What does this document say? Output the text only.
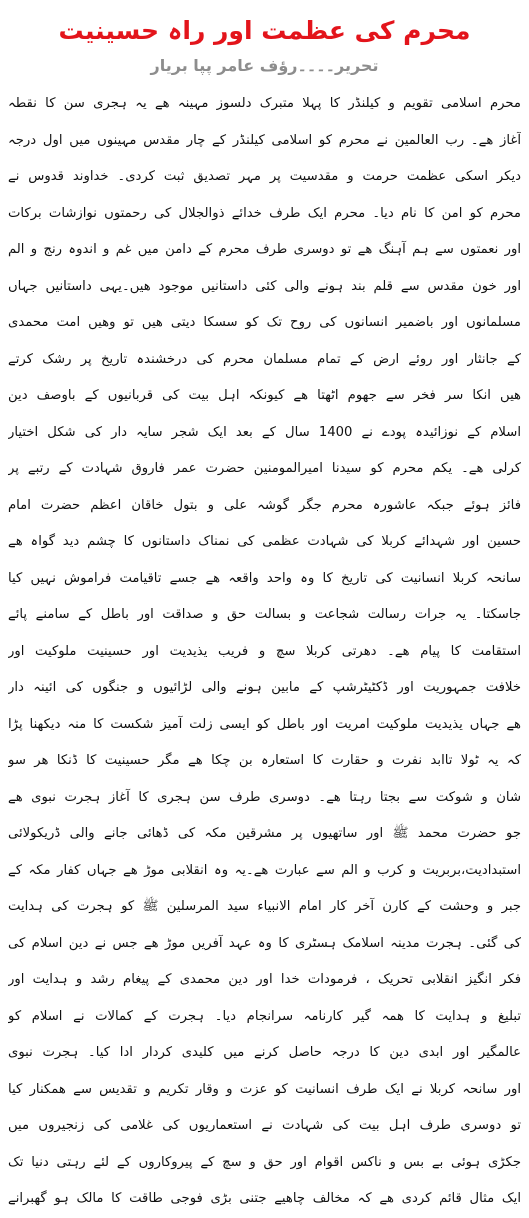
محرم کی عظمت اور راہ حسینیت
تحریر۔۔۔۔رؤف عامر پپا بریار
محرم اسلامی تقویم و کیلنڈر کا پہلا متبرک دلسوز مہینہ ھے یہ ہجری سن کا نقطہ
آغاز ھے۔ رب العالمین نے محرم کو اسلامی کیلنڈر کے چار مقدس مہینوں میں اول درجہ
دیکر اسکی عظمت حرمت و مقدسیت پر مہر تصدیق ثبت کردی۔ خداوند قدوس نے
محرم کو امن کا نام دیا۔ محرم ایک طرف خدائے ذوالجلال کی رحمتوں نوازشات برکات
اور نعمتوں سے ہم آہنگ ھے تو دوسری طرف محرم کے دامن میں غم و اندوہ رنج و الم
اور خون مقدس سے قلم بند ہونے والی کئی داستانیں موجود ھیں۔یہی داستانیں جہاں
مسلمانوں اور باضمیر انسانوں کی روح تک کو سسکا دیتی ھیں تو وھیں امت محمدی
کے جانثار اور روئے ارض کے تمام مسلمان محرم کی درخشندہ تاریخ پر رشک کرتے
ھیں انکا سر فخر سے جھوم اٹھتا ھے کیونکہ اہل بیت کی قربانیوں کے باوصف دین
اسلام کے نوزائیدہ پودے نے 1400 سال کے بعد ایک شجر سایہ دار کی شکل اختیار
کرلی ھے۔ یکم محرم کو سیدنا امیرالمومنین حضرت عمر فاروق شہادت کے رتبے پر
فائز ہوئے جبکہ عاشورہ محرم جگر گوشہ علی و بتول خاقان اعظم حضرت امام
حسین اور شہدائے کربلا کی شہادت عظمی کی نمناک داستانوں کا چشم دید گواہ ھے
سانحہ کربلا انسانیت کی تاریخ کا وہ واحد واقعہ ھے جسے تاقیامت فراموش نہیں کیا
جاسکتا۔ یہ جرات رسالت شجاعت و بسالت حق و صداقت اور باطل کے سامنے پائے
استقامت کا پیام ھے۔ دھرتی کربلا سچ و فریب یذیدیت اور حسینیت ملوکیت اور
خلافت جمہوریت اور ڈکٹیٹرشپ کے مابین ہونے والی لڑائیوں و جنگوں کی ائینہ دار
ھے جہاں یذیدیت ملوکیت امریت اور باطل کو ایسی زلت آمیز شکست کا منہ دیکھنا پڑا
کہ یہ ٹولا تاابد نفرت و حقارت کا استعارہ بن چکا ھے مگر حسینیت کا ڈنکا ھر سو
شان و شوکت سے بجتا رہتا ھے۔ دوسری طرف سن ہجری کا آغاز ہجرت نبوی ھے
جو حضرت محمد ﷺ اور ساتھیوں پر مشرقین مکہ کی ڈھائی جانے والی ڈریکولائی
استبدادیت،بربریت و کرب و الم سے عبارت ھے۔یہ وہ انقلابی موڑ ھے جہاں کفار مکہ کے
جبر و وحشت کے کارن آخر کار امام الانبیاء سید المرسلین ﷺ کو ہجرت کی ہدایت
کی گئی۔ ہجرت مدینہ اسلامک ہسٹری کا وہ عہد آفریں موڑ ھے جس نے دین اسلام کی
فکر انگیز انقلابی تحریک ، فرمودات خدا اور دین محمدی کے پیغام رشد و ہدایت اور
تبلیغ و ہدایت کا ھمہ گیر کارنامہ سرانجام دیا۔ ہجرت کے کمالات نے اسلام کو
عالمگیر اور ابدی دین کا درجہ حاصل کرنے میں کلیدی کردار ادا کیا۔ ہجرت نبوی
اور سانحہ کربلا نے ایک طرف انسانیت کو عزت و وقار تکریم و تقدیس سے ھمکنار کیا
تو دوسری طرف اہل بیت کی شہادت نے استعماریوں کی غلامی کی زنجیروں میں
جکڑی ہوئی بے بس و ناکس اقوام اور حق و سچ کے پیروکاروں کے لئے رہتی دنیا تک
ایک مثال قائم کردی ھے کہ مخالف چاھیے جتنی بڑی فوجی طاقت کا مالک ہو گھبرانے
